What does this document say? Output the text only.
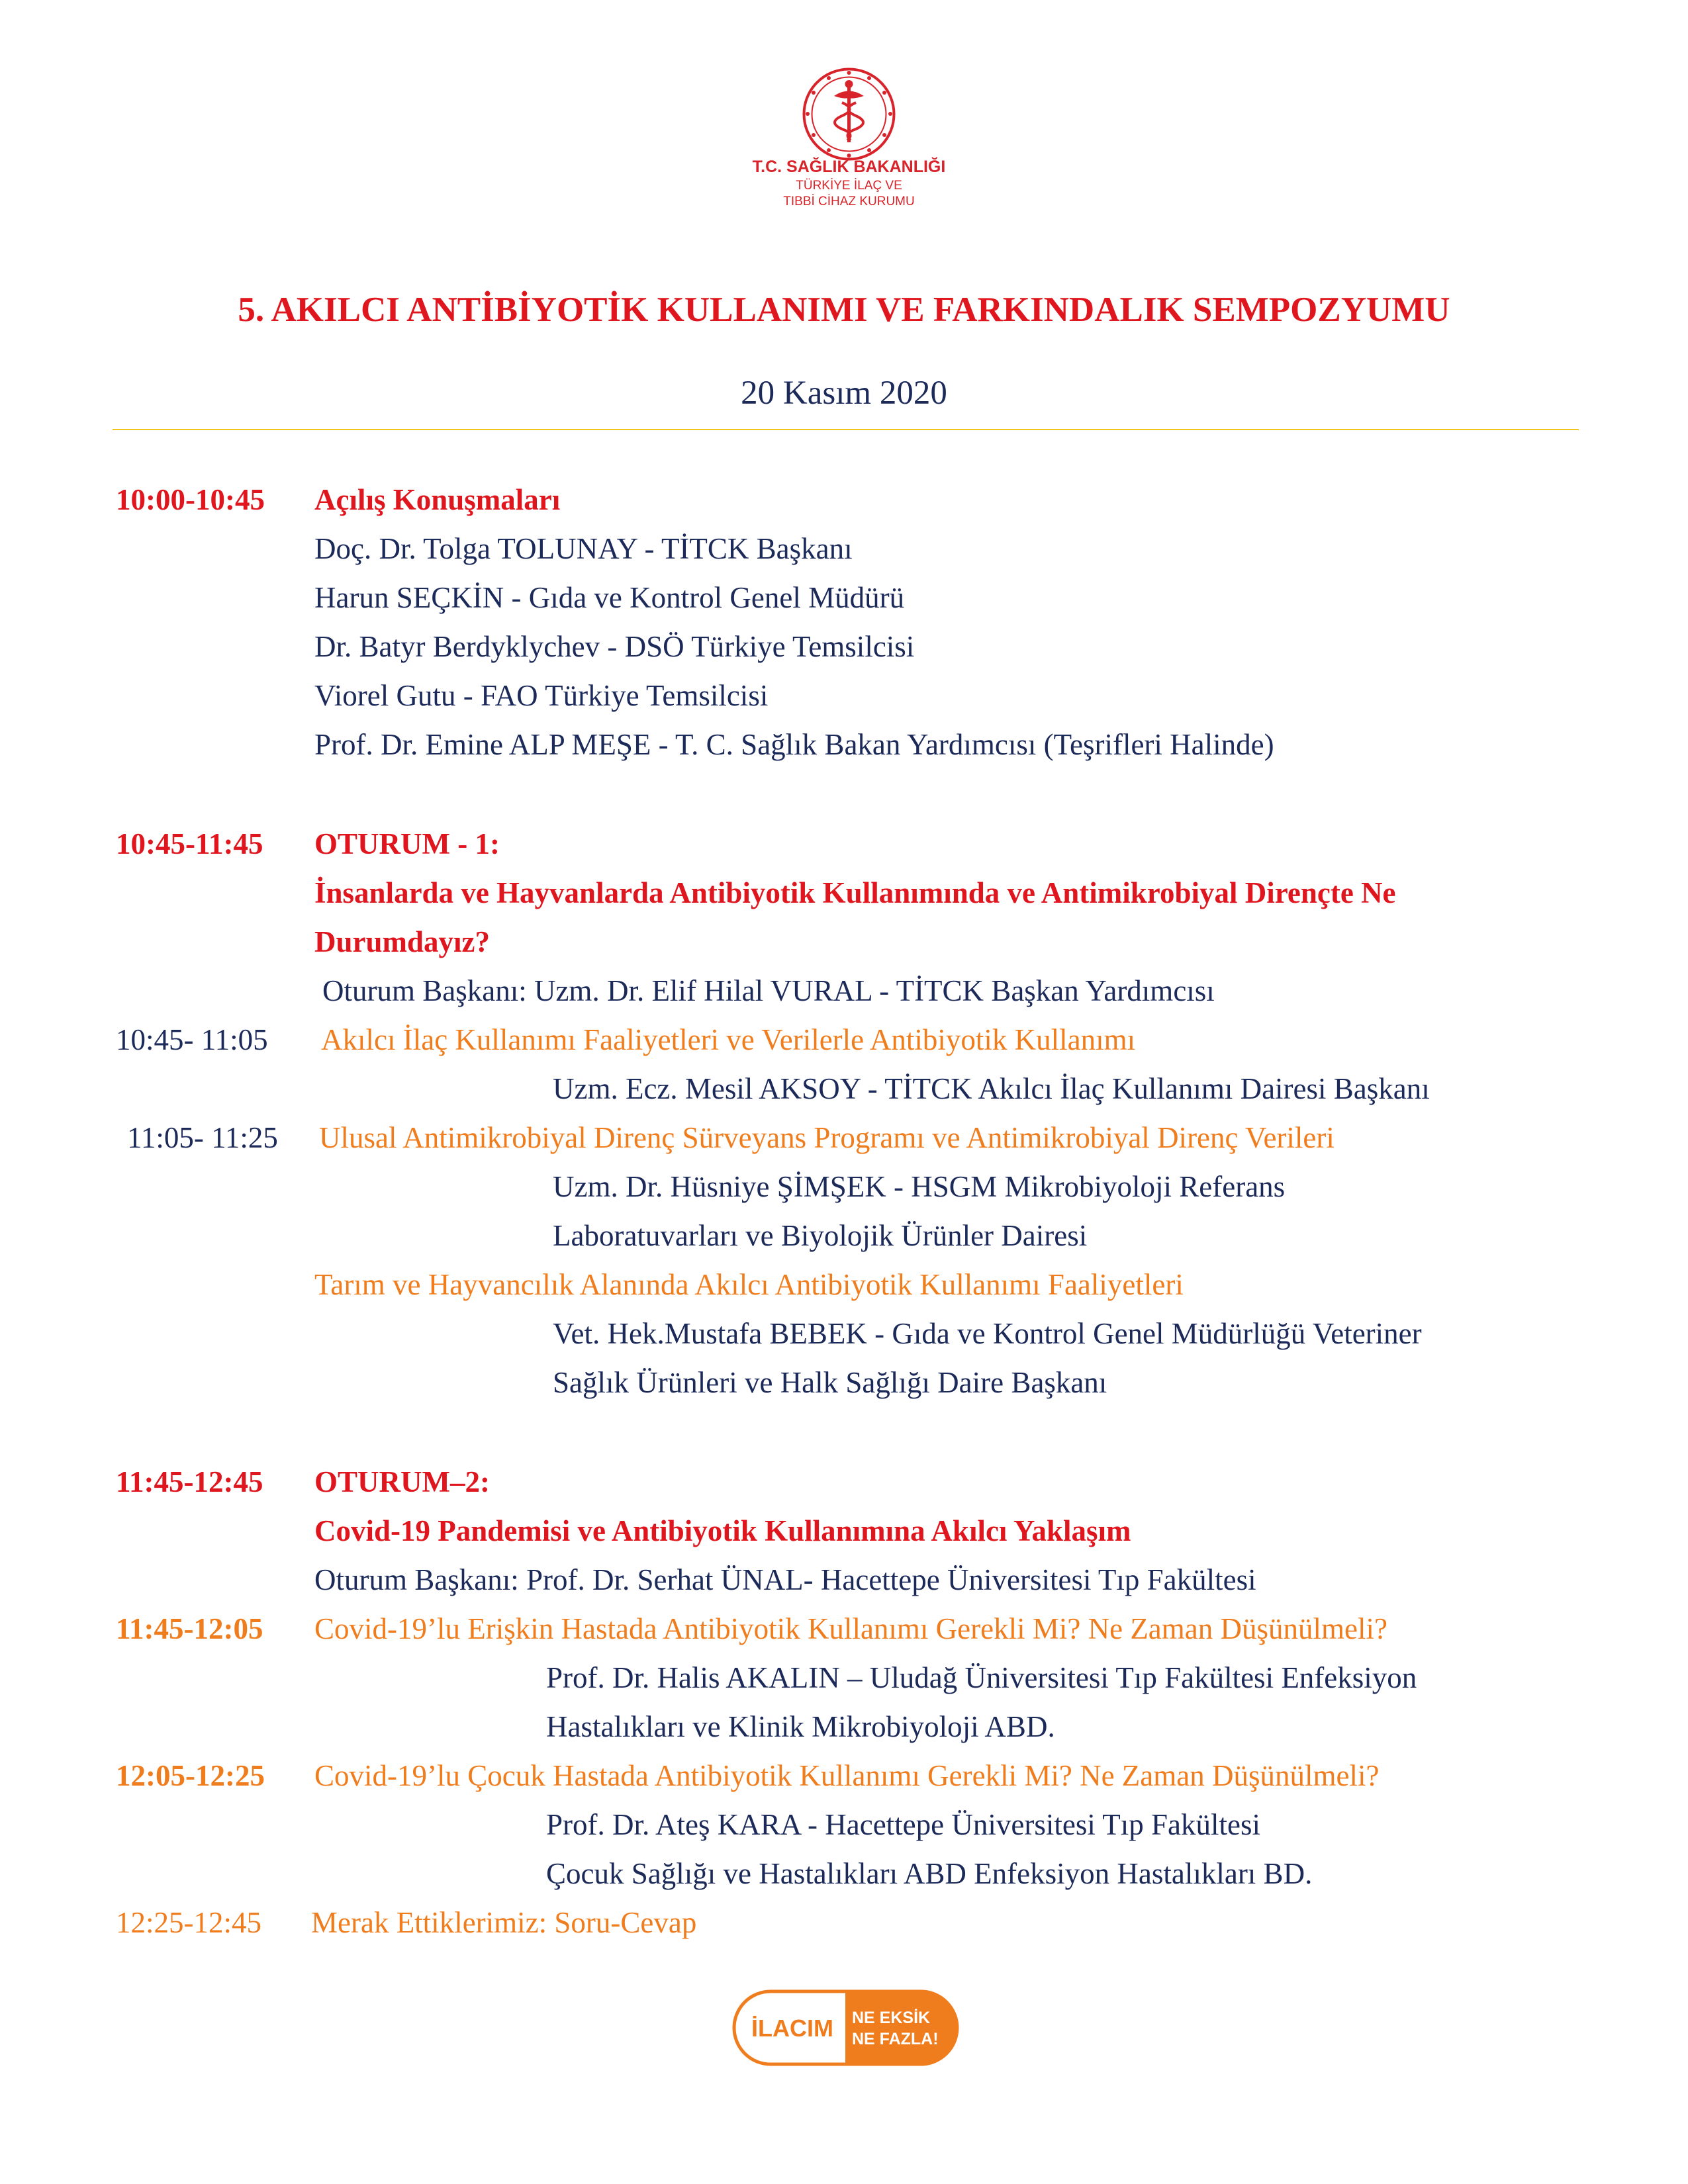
T.C. SAĞLIK BAKANLIĞI
TÜRKİYE İLAÇ VE
TIBBİ CİHAZ KURUMU
5. AKILCI ANTİBİYOTİK KULLANIMI VE FARKINDALIK SEMPOZYUMU
20 Kasım 2020
10:00-10:45 Açılış Konuşmaları
Doç. Dr. Tolga TOLUNAY - TİTCK Başkanı
Harun SEÇKİN - Gıda ve Kontrol Genel Müdürü
Dr. Batyr Berdyklychev - DSÖ Türkiye Temsilcisi
Viorel Gutu - FAO Türkiye Temsilcisi
Prof. Dr. Emine ALP MEŞE - T. C. Sağlık Bakan Yardımcısı (Teşrifleri Halinde)
10:45-11:45 OTURUM - 1:
İnsanlarda ve Hayvanlarda Antibiyotik Kullanımında ve Antimikrobiyal Dirençte Ne
Durumdayız?
Oturum Başkanı: Uzm. Dr. Elif Hilal VURAL - TİTCK Başkan Yardımcısı
10:45- 11:05 Akılcı İlaç Kullanımı Faaliyetleri ve Verilerle Antibiyotik Kullanımı
Uzm. Ecz. Mesil AKSOY - TİTCK Akılcı İlaç Kullanımı Dairesi Başkanı
11:05- 11:25 Ulusal Antimikrobiyal Direnç Sürveyans Programı ve Antimikrobiyal Direnç Verileri
Uzm. Dr. Hüsniye ŞİMŞEK - HSGM Mikrobiyoloji Referans
Laboratuvarları ve Biyolojik Ürünler Dairesi
Tarım ve Hayvancılık Alanında Akılcı Antibiyotik Kullanımı Faaliyetleri
Vet. Hek.Mustafa BEBEK - Gıda ve Kontrol Genel Müdürlüğü Veteriner
Sağlık Ürünleri ve Halk Sağlığı Daire Başkanı
11:45-12:45 OTURUM–2:
Covid-19 Pandemisi ve Antibiyotik Kullanımına Akılcı Yaklaşım
Oturum Başkanı: Prof. Dr. Serhat ÜNAL- Hacettepe Üniversitesi Tıp Fakültesi
11:45-12:05 Covid-19’lu Erişkin Hastada Antibiyotik Kullanımı Gerekli Mi? Ne Zaman Düşünülmeli?
Prof. Dr. Halis AKALIN – Uludağ Üniversitesi Tıp Fakültesi Enfeksiyon
Hastalıkları ve Klinik Mikrobiyoloji ABD.
12:05-12:25 Covid-19’lu Çocuk Hastada Antibiyotik Kullanımı Gerekli Mi? Ne Zaman Düşünülmeli?
Prof. Dr. Ateş KARA - Hacettepe Üniversitesi Tıp Fakültesi
Çocuk Sağlığı ve Hastalıkları ABD Enfeksiyon Hastalıkları BD.
12:25-12:45 Merak Ettiklerimiz: Soru-Cevap
İLACIM NE EKSİK
NE FAZLA!
